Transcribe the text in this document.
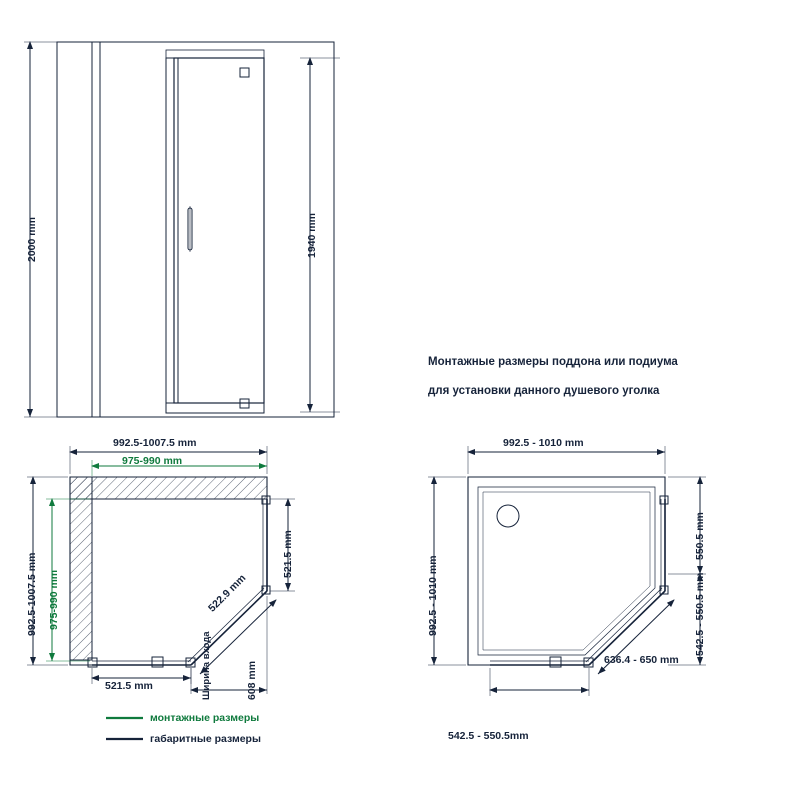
2000 mm	1940 mm
Монтажные размеры поддона или подиума
для установки данного душевого уголка
992.5-1007.5 mm
975-990 mm
992.5-1007.5 mm 975-990 mm
521.5 mm
521.5 mm
522.9 mm
Ширина входа	608 mm
монтажные размеры
габаритные размеры
992.5 - 1010 mm
992.5 - 1010 mm
550.5 mm
542.5 - 550.5 mm
542.5 - 550.5mm
636.4 - 650 mm
